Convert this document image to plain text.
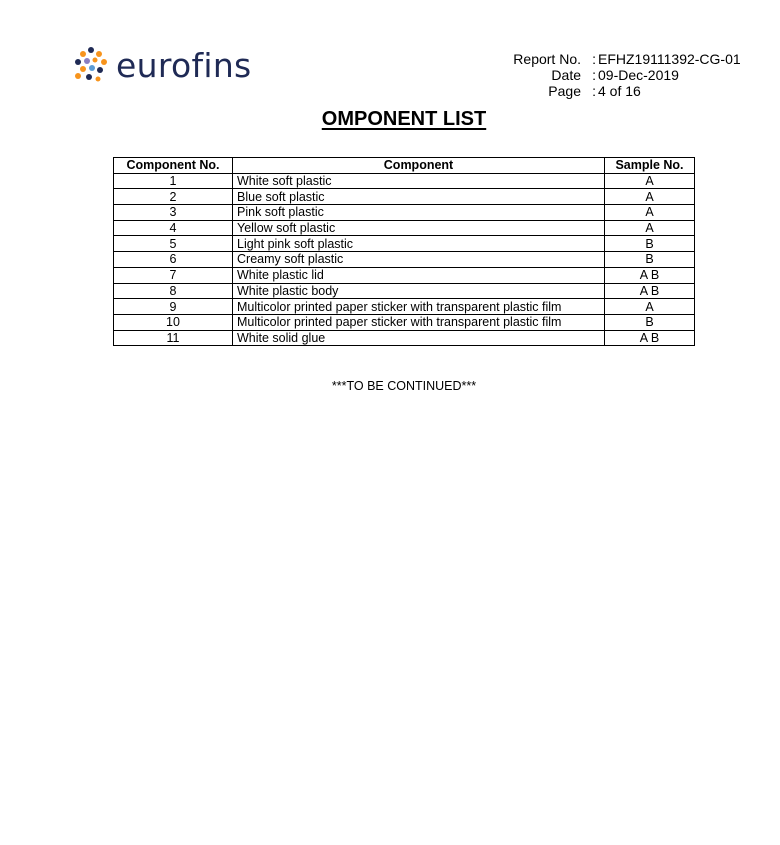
eurofins	Report No. : EFHZ19111392-CG-01
Date : 09-Dec-2019
Page : 4 of 16
OMPONENT LIST
Component No.	Component	Sample No.
1	White soft plastic	A
2	Blue soft plastic	A
3	Pink soft plastic	A
4	Yellow soft plastic	A
5	Light pink soft plastic	B
6	Creamy soft plastic	B
7	White plastic lid	A B
8	White plastic body	A B
9	Multicolor printed paper sticker with transparent plastic film	A
10	Multicolor printed paper sticker with transparent plastic film	B
11	White solid glue	A B
***TO BE CONTINUED***
